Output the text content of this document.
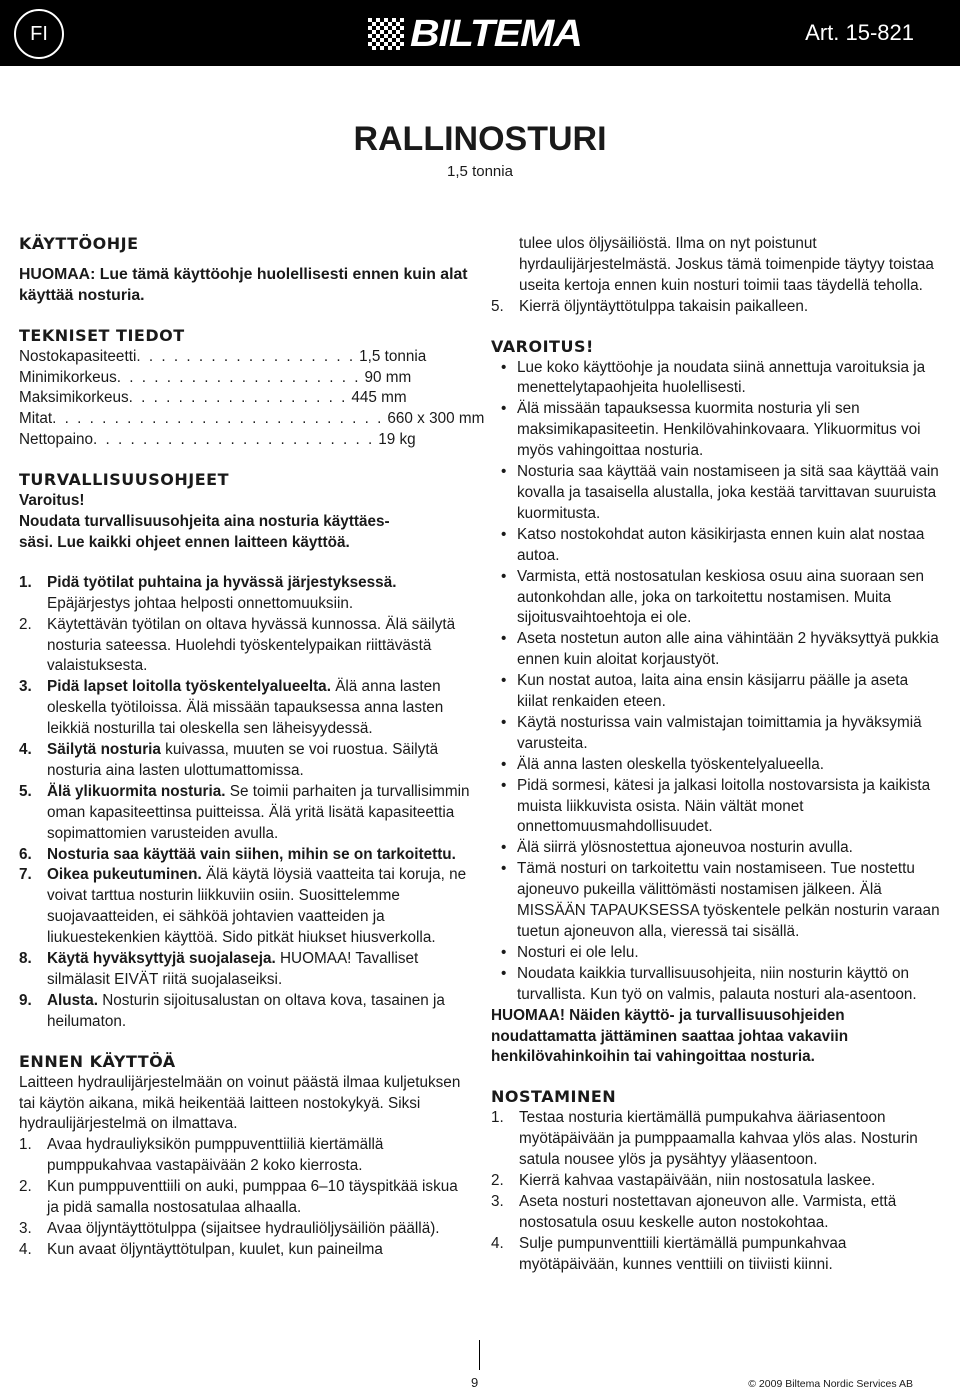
FI	BILTEMA	Art. 15-821
RALLINOSTURI
1,5 tonnia

KÄYTTÖOHJE

HUOMAA: Lue tämä käyttöohje huolellisesti ennen kuin alat käyttää nosturia.

TEKNISET TIEDOT

Nostokapasiteetti . . . . . . . . . . . . . . . . . . 1,5 tonnia
Minimikorkeus . . . . . . . . . . . . . . . . . . . . 90 mm
Maksimikorkeus . . . . . . . . . . . . . . . . . . 445 mm
Mitat . . . . . . . . . . . . . . . . . . . . . . . . . . . 660 x 300 mm
Nettopaino . . . . . . . . . . . . . . . . . . . . . . . 19 kg

TURVALLISUUSOHJEET

Varoitus!

Noudata turvallisuusohjeita aina nosturia käyttäes-

säsi. Lue kaikki ohjeet ennen laitteen käyttöä.

1. Pidä työtilat puhtaina ja hyvässä järjestyksessä. Epäjärjestys johtaa helposti onnettomuuksiin.
2. Käytettävän työtilan on oltava hyvässä kunnossa. Älä säilytä nosturia sateessa. Huolehdi työskentelypaikan riittävästä valaistuksesta.
3. Pidä lapset loitolla työskentelyalueelta. Älä anna lasten oleskella työtiloissa. Älä missään tapauksessa anna lasten leikkiä nosturilla tai oleskella sen läheisyydessä.
4. Säilytä nosturia kuivassa, muuten se voi ruostua. Säilytä nosturia aina lasten ulottumattomissa.
5. Älä ylikuormita nosturia. Se toimii parhaiten ja turvallisimmin oman kapasiteettinsa puitteissa. Älä yritä lisätä kapasiteettia sopimattomien varusteiden avulla.
6. Nosturia saa käyttää vain siihen, mihin se on tarkoitettu.
7. Oikea pukeutuminen. Älä käytä löysiä vaatteita tai koruja, ne voivat tarttua nosturin liikkuviin osiin. Suosittelemme suojavaatteiden, ei sähköä johtavien vaatteiden ja liukuestekenkien käyttöä. Sido pitkät hiukset hiusverkolla.
8. Käytä hyväksyttyjä suojalaseja. HUOMAA! Tavalliset silmälasit EIVÄT riitä suojalaseiksi.
9. Alusta. Nosturin sijoitusalustan on oltava kova, tasainen ja heilumaton.

ENNEN KÄYTTÖÄ

Laitteen hydraulijärjestelmään on voinut päästä ilmaa kuljetuksen tai käytön aikana, mikä heikentää laitteen nostokykyä. Siksi hydraulijärjestelmä on ilmattava.

1. Avaa hydrauliyksikön pumppuventtiiliä kiertämällä pumppukahvaa vastapäivään 2 koko kierrosta.
2. Kun pumppuventtiili on auki, pumppaa 6–10 täyspitkää iskua ja pidä samalla nostosatulaa alhaalla.
3. Avaa öljyntäyttötulppa (sijaitsee hydrauliöljysäiliön päällä).
4. Kun avaat öljyntäyttötulpan, kuulet, kun paineilma

tulee ulos öljysäiliöstä. Ilma on nyt poistunut hyrdaulijärjestelmästä. Joskus tämä toimenpide täytyy toistaa useita kertoja ennen kuin nosturi toimii taas täydellä teholla.

5. Kierrä öljyntäyttötulppa takaisin paikalleen.

VAROITUS!

• Lue koko käyttöohje ja noudata siinä annettuja varoituksia ja menettelytapaohjeita huolellisesti.
• Älä missään tapauksessa kuormita nosturia yli sen maksimikapasiteetin. Henkilövahinkovaara. Ylikuormitus voi myös vahingoittaa nosturia.
• Nosturia saa käyttää vain nostamiseen ja sitä saa käyttää vain kovalla ja tasaisella alustalla, joka kestää tarvittavan suuruista kuormitusta.
• Katso nostokohdat auton käsikirjasta ennen kuin alat nostaa autoa.
• Varmista, että nostosatulan keskiosa osuu aina suoraan sen autonkohdan alle, joka on tarkoitettu nostamisen. Muita sijoitusvaihtoehtoja ei ole.
• Aseta nostetun auton alle aina vähintään 2 hyväksyttyä pukkia ennen kuin aloitat korjaustyöt.
• Kun nostat autoa, laita aina ensin käsijarru päälle ja aseta kiilat renkaiden eteen.
• Käytä nosturissa vain valmistajan toimittamia ja hyväksymiä varusteita.
• Älä anna lasten oleskella työskentelyalueella.
• Pidä sormesi, kätesi ja jalkasi loitolla nostovarsista ja kaikista muista liikkuvista osista. Näin vältät monet onnettomuusmahdollisuudet.
• Älä siirrä ylösnostettua ajoneuvoa nosturin avulla.
• Tämä nosturi on tarkoitettu vain nostamiseen. Tue nostettu ajoneuvo pukeilla välittömästi nostamisen jälkeen. Älä MISSÄÄN TAPAUKSESSA työskentele pelkän nosturin varaan tuetun ajoneuvon alla, vieressä tai sisällä.
• Nosturi ei ole lelu.
• Noudata kaikkia turvallisuusohjeita, niin nosturin käyttö on turvallista. Kun työ on valmis, palauta nosturi ala-asentoon.

HUOMAA! Näiden käyttö- ja turvallisuusohjeiden noudattamatta jättäminen saattaa johtaa vakaviin henkilövahinkoihin tai vahingoittaa nosturia.

NOSTAMINEN

1. Testaa nosturia kiertämällä pumpukahva ääriasentoon myötäpäivään ja pumppaamalla kahvaa ylös alas. Nosturin satula nousee ylös ja pysähtyy yläasentoon.
2. Kierrä kahvaa vastapäivään, niin nostosatula laskee.
3. Aseta nosturi nostettavan ajoneuvon alle. Varmista, että nostosatula osuu keskelle auton nostokohtaa.
4. Sulje pumpunventtiili kiertämällä pumpunkahvaa myötäpäivään, kunnes venttiili on tiiviisti kiinni.
9	© 2009 Biltema Nordic Services AB
